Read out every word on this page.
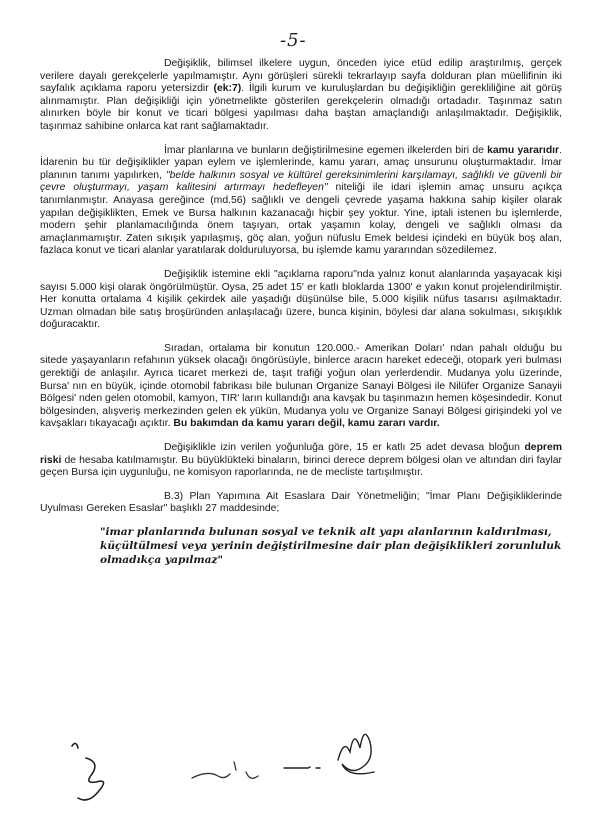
-5-

Değişiklik, bilimsel ilkelere uygun, önceden iyice etüd edilip araştırılmış, gerçek verilere dayalı gerekçelerle yapılmamıştır. Aynı görüşleri sürekli tekrarlayıp sayfa dolduran plan müellifinin iki sayfalık açıklama raporu yetersizdir (ek:7). İlgili kurum ve kuruluşlardan bu değişikliğin gerekliliğine ait görüş alınmamıştır. Plan değişikliği için yönetmelikte gösterilen gerekçelerin olmadığı ortadadır. Taşınmaz satın alınırken böyle bir konut ve ticari bölgesi yapılması daha baştan amaçlandığı anlaşılmaktadır. Değişiklik, taşınmaz sahibine onlarca kat rant sağlamaktadır.

İmar planlarına ve bunların değiştirilmesine egemen ilkelerden biri de kamu yararıdır. İdarenin bu tür değişiklikler yapan eylem ve işlemlerinde, kamu yararı, amaç unsurunu oluşturmaktadır. İmar planının tanımı yapılırken, "belde halkının sosyal ve kültürel gereksinimlerini karşılamayı, sağlıklı ve güvenli bir çevre oluşturmayı, yaşam kalitesini artırmayı hedefleyen" niteliği ile idari işlemin amaç unsuru açıkça tanımlanmıştır. Anayasa gereğince (md.56) sağlıklı ve dengeli çevrede yaşama hakkına sahip kişiler olarak yapılan değişiklikten, Emek ve Bursa halkının kazanacağı hiçbir şey yoktur. Yine, iptali istenen bu işlemlerde, modern şehir planlamacılığında önem taşıyan, ortak yaşamın kolay, dengeli ve sağlıklı olması da amaçlanmamıştır. Zaten sıkışık yapılaşmış, göç alan, yoğun nüfuslu Emek beldesi içindeki en büyük boş alan, fazlaca konut ve ticari alanlar yaratılarak dolduruluyorsa, bu işlemde kamu yararından sözedilemez.

Değişiklik istemine ekli "açıklama raporu"nda yalnız konut alanlarında yaşayacak kişi sayısı 5.000 kişi olarak öngörülmüştür. Oysa, 25 adet 15' er katlı bloklarda 1300' e yakın konut projelendirilmiştir. Her konutta ortalama 4 kişilik çekirdek aile yaşadığı düşünülse bile, 5.000 kişilik nüfus tasarısı aşılmaktadır. Uzman olmadan bile satış broşüründen anlaşılacağı üzere, bunca kişinin, böylesi dar alana sokulması, sıkışıklık doğuracaktır.

Sıradan, ortalama bir konutun 120.000.- Amerikan Doları' ndan pahalı olduğu bu sitede yaşayanların refahının yüksek olacağı öngörüsüyle, binlerce aracın hareket edeceği, otopark yeri bulması gerektiği de anlaşılır. Ayrıca ticaret merkezi de, taşıt trafiği yoğun olan yerlerdendir. Mudanya yolu üzerinde, Bursa' nın en büyük, içinde otomobil fabrikası bile bulunan Organize Sanayi Bölgesi ile Nilüfer Organize Sanayii Bölgesi' nden gelen otomobil, kamyon, TIR' ların kullandığı ana kavşak bu taşınmazın hemen köşesindedir. Konut bölgesinden, alışveriş merkezinden gelen ek yükün, Mudanya yolu ve Organize Sanayi Bölgesi girişindeki yol ve kavşakları tıkayacağı açıktır. Bu bakımdan da kamu yararı değil, kamu zararı vardır.

Değişiklikle izin verilen yoğunluğa göre, 15 er katlı 25 adet devasa bloğun deprem riski de hesaba katılmamıştır. Bu büyüklükteki binaların, birinci derece deprem bölgesi olan ve altından diri faylar geçen Bursa için uygunluğu, ne komisyon raporlarında, ne de mecliste tartışılmıştır.

B.3) Plan Yapımına Ait Esaslara Dair Yönetmeliğin; "İmar Planı Değişikliklerinde Uyulması Gereken Esaslar" başlıklı 27 maddesinde;

"imar planlarında bulunan sosyal ve teknik alt yapı alanlarının kaldırılması, küçültülmesi veya yerinin değiştirilmesine dair plan değişiklikleri zorunluluk olmadıkça yapılmaz"
